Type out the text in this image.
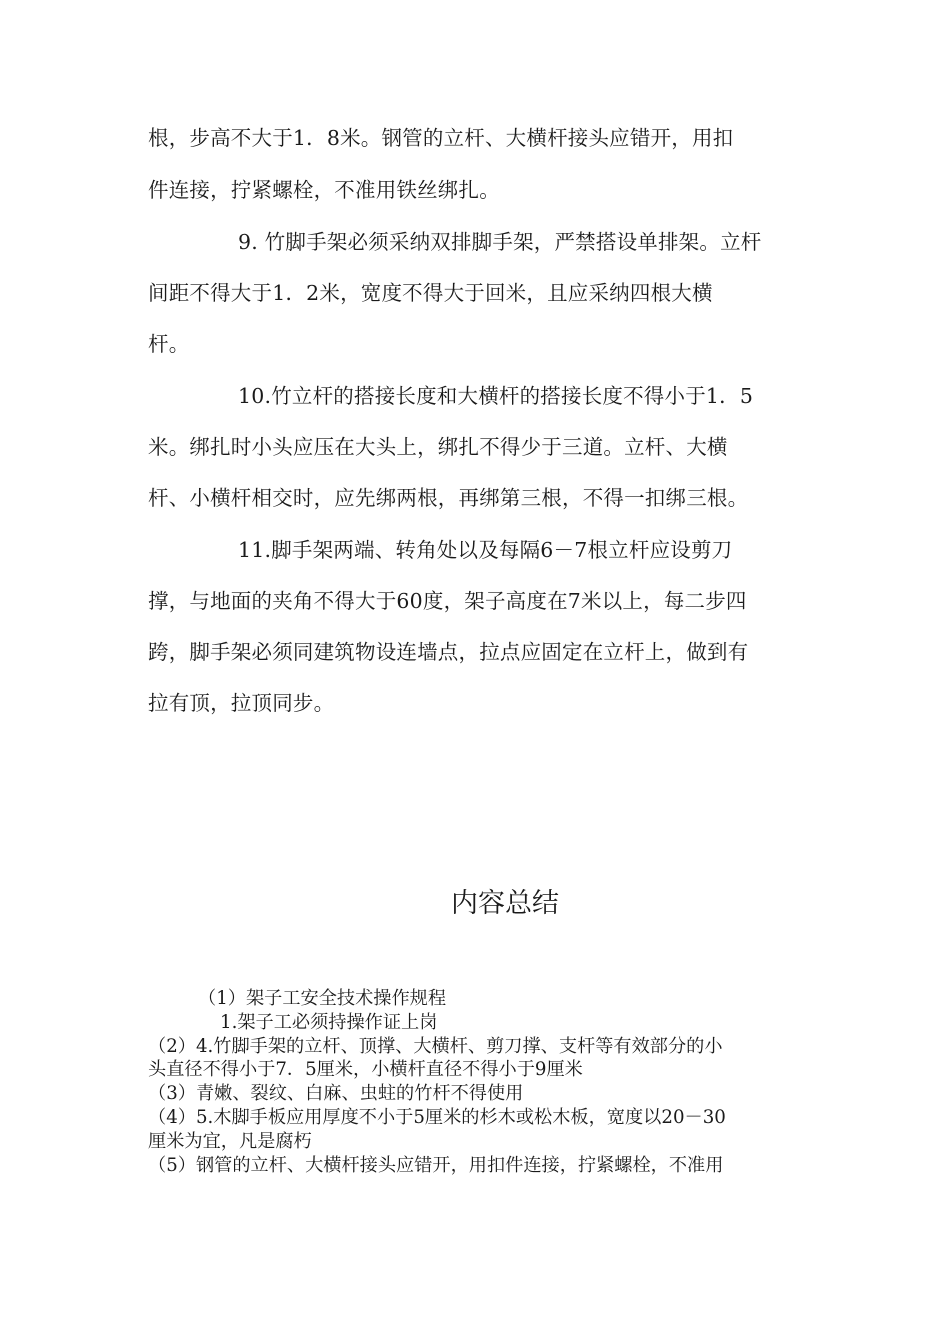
根，步高不大于1．8米。钢管的立杆、大横杆接头应错开，用扣
件连接，拧紧螺栓，不准用铁丝绑扎。
9. 竹脚手架必须采纳双排脚手架，严禁搭设单排架。立杆
间距不得大于1．2米，宽度不得大于回米，且应采纳四根大横
杆。
10.竹立杆的搭接长度和大横杆的搭接长度不得小于1．5
米。绑扎时小头应压在大头上，绑扎不得少于三道。立杆、大横
杆、小横杆相交时，应先绑两根，再绑第三根，不得一扣绑三根。
11.脚手架两端、转角处以及每隔6－7根立杆应设剪刀
撑，与地面的夹角不得大于60度，架子高度在7米以上，每二步四
跨，脚手架必须同建筑物设连墙点，拉点应固定在立杆上，做到有
拉有顶，拉顶同步。
内容总结
（1）架子工安全技术操作规程
1.架子工必须持操作证上岗
（2）4.竹脚手架的立杆、顶撑、大横杆、剪刀撑、支杆等有效部分的小
头直径不得小于7．5厘米，小横杆直径不得小于9厘米
（3）青嫩、裂纹、白麻、虫蛀的竹杆不得使用
（4）5.木脚手板应用厚度不小于5厘米的杉木或松木板，宽度以20－30
厘米为宜，凡是腐朽
（5）钢管的立杆、大横杆接头应错开，用扣件连接，拧紧螺栓，不准用
